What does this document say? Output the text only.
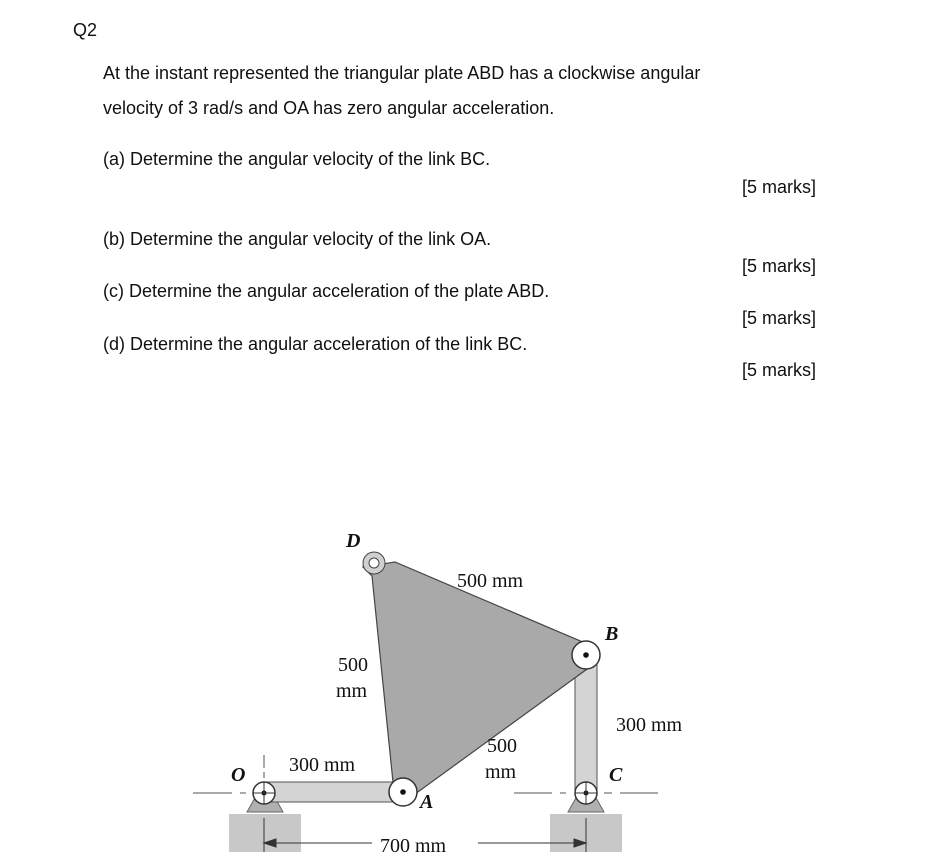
Q2
At the instant represented the triangular plate ABD has a clockwise angular
velocity of 3 rad/s and OA has zero angular acceleration.
(a) Determine the angular velocity of the link BC.
[5 marks]
(b) Determine the angular velocity of the link OA.
[5 marks]
(c) Determine the angular acceleration of the plate ABD.
[5 marks]
(d) Determine the angular acceleration of the link BC.
[5 marks]
D
B
C
O
A
500 mm
500
mm
500
mm
300 mm
300 mm
700 mm
